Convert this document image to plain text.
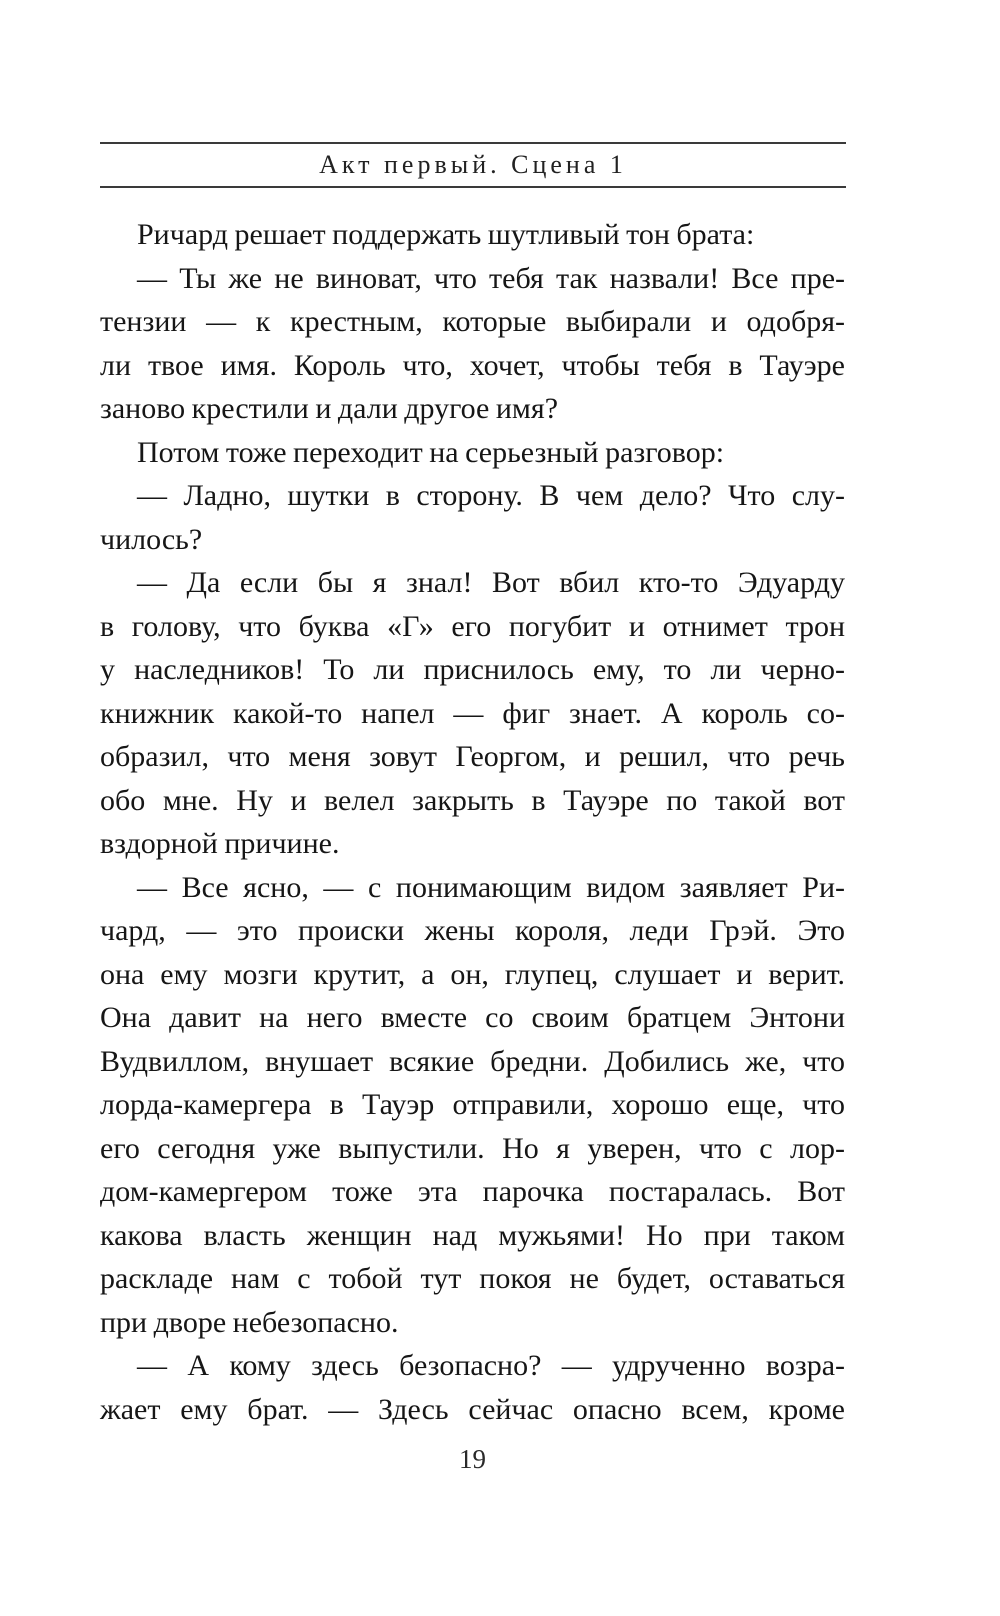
Акт первый. Сцена 1
Ричард решает поддержать шутливый тон брата:
— Ты же не виноват, что тебя так назвали! Все пре-
тензии — к крестным, которые выбирали и одобря-
ли твое имя. Король что, хочет, чтобы тебя в Тауэре
заново крестили и дали другое имя?
Потом тоже переходит на серьезный разговор:
— Ладно, шутки в сторону. В чем дело? Что слу-
чилось?
— Да если бы я знал! Вот вбил кто-то Эдуарду
в голову, что буква «Г» его погубит и отнимет трон
у наследников! То ли приснилось ему, то ли черно-
книжник какой-то напел — фиг знает. А король со-
образил, что меня зовут Георгом, и решил, что речь
обо мне. Ну и велел закрыть в Тауэре по такой вот
вздорной причине.
— Все ясно, — с понимающим видом заявляет Ри-
чард, — это происки жены короля, леди Грэй. Это
она ему мозги крутит, а он, глупец, слушает и верит.
Она давит на него вместе со своим братцем Энтони
Вудвиллом, внушает всякие бредни. Добились же, что
лорда-камергера в Тауэр отправили, хорошо еще, что
его сегодня уже выпустили. Но я уверен, что с лор-
дом-камергером тоже эта парочка постаралась. Вот
какова власть женщин над мужьями! Но при таком
раскладе нам с тобой тут покоя не будет, оставаться
при дворе небезопасно.
— А кому здесь безопасно? — удрученно возра-
жает ему брат. — Здесь сейчас опасно всем, кроме
19
